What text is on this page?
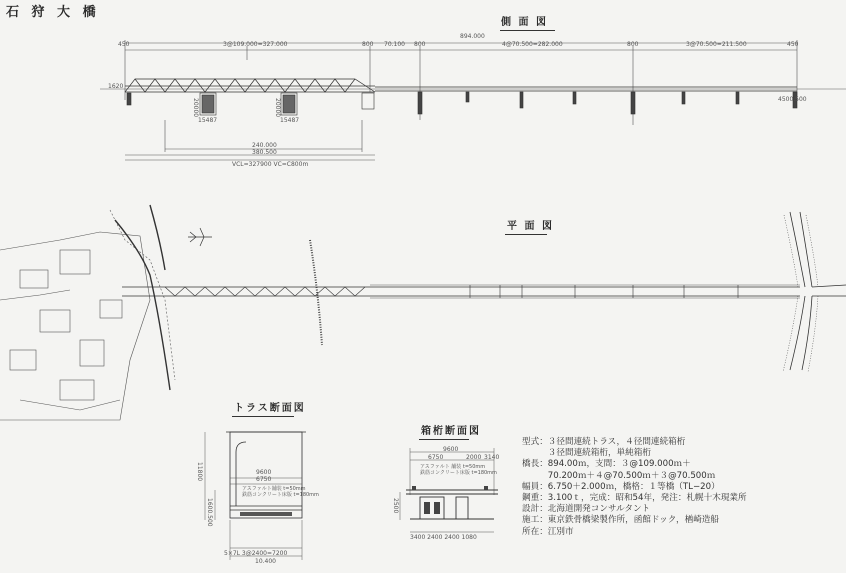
石 狩 大 橋
側 面 図
894.000
450	3@109.000=327.000	800 70.100 800	4@70.500=282.000	800	3@70.500=211.500	450
20000	20000
15487	15487
240.000
380.500
VCL=327900 VC=C800m
1620
4500.500
平 面 図
トラス断面図
9600
6750
11800
1600.500
アスファルト舗装 t=50mm
鉄筋コンクリート床版 t=180mm
5×7L 3@2400=7200
10.400
箱桁断面図
9600
6750	2000 3140
アスファルト 舗装 t=50mm
鉄筋コンクリート床版 t=180mm
2500
3400 2400 2400 1080
型式：３径間連続トラス，４径間連続箱桁
　　　３径間連続箱桁，単純箱桁
橋長：894.00ｍ，支間：３@109.000ｍ＋
　　　70.200ｍ＋４@70.500ｍ＋３@70.500ｍ
幅員：6.750＋2.000ｍ，橋格：１等橋（TL−20）
鋼重：3.100ｔ，完成：昭和54年，発注：札幌十木現業所
設計：北海道開発コンサルタント
施工：東京鉄骨橋梁製作所，函館ドック，楢崎造船
所在：江別市
